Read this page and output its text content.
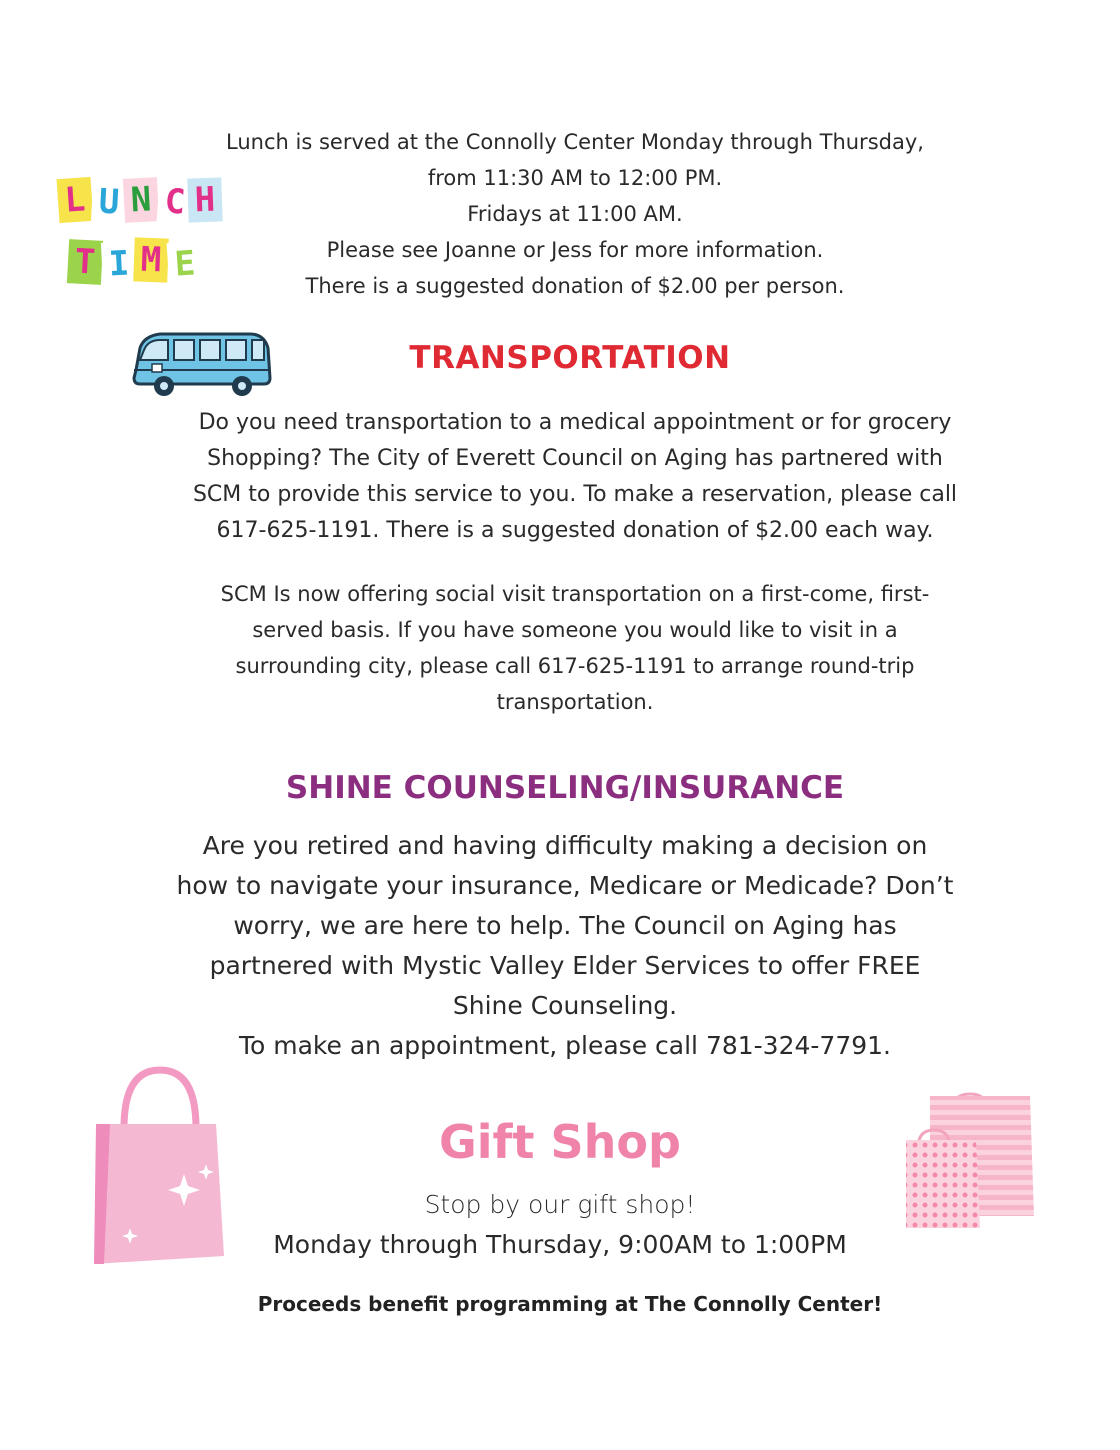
L U N C H
T I M E
Lunch is served at the Connolly Center Monday through Thursday,
from 11:30 AM to 12:00 PM.
Fridays at 11:00 AM.
Please see Joanne or Jess for more information.
There is a suggested donation of $2.00 per person.
TRANSPORTATION
Do you need transportation to a medical appointment or for grocery
Shopping? The City of Everett Council on Aging has partnered with
SCM to provide this service to you. To make a reservation, please call
617-625-1191. There is a suggested donation of $2.00 each way.
SCM Is now offering social visit transportation on a first-come, first-
served basis. If you have someone you would like to visit in a
surrounding city, please call 617-625-1191 to arrange round-trip
transportation.
SHINE COUNSELING/INSURANCE
Are you retired and having difficulty making a decision on
how to navigate your insurance, Medicare or Medicade? Don’t
worry, we are here to help. The Council on Aging has
partnered with Mystic Valley Elder Services to offer FREE
Shine Counseling.
To make an appointment, please call 781-324-7791.
Gift Shop
Stop by our gift shop!
Monday through Thursday, 9:00AM to 1:00PM
Proceeds benefit programming at The Connolly Center!
